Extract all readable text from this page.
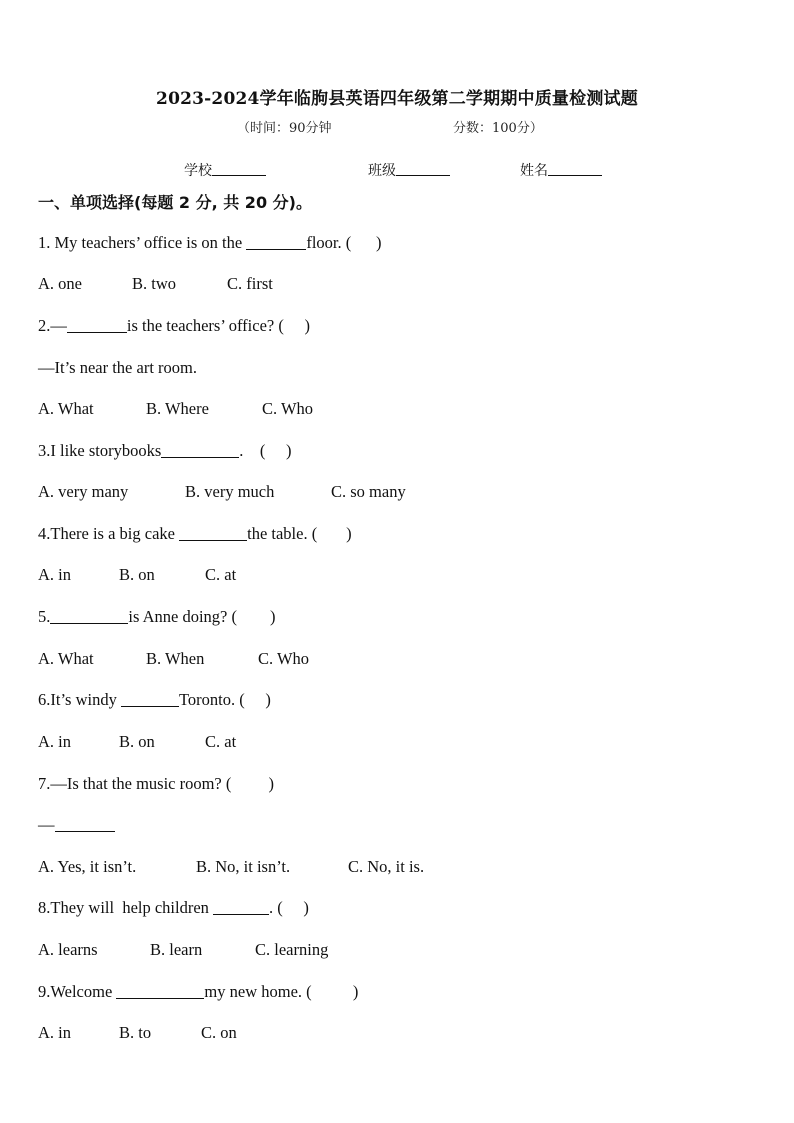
2023-2024学年临朐县英语四年级第二学期期中质量检测试题
（时间：90分钟	分数：100分）
学校	班级	姓名
一、单项选择(每题 2 分, 共 20 分)。
1. My teachers’ office is on the	floor. (      )
A. one	B. two	C. first
2.—	is the teachers’ office? (     )
—It’s near the art room.
A. What	B. Where	C. Who
3.I like storybooks	.    (     )
A. very many	B. very much	C. so many
4.There is a big cake	the table. (       )
A. in	B. on	C. at
5.	is Anne doing? (        )
A. What	B. When	C. Who
6.It’s windy	Toronto. (     )
A. in	B. on	C. at
7.—Is that the music room? (         )
—
A. Yes, it isn’t.	B. No, it isn’t.	C. No, it is.
8.They will  help children	. (     )
A. learns	B. learn	C. learning
9.Welcome	my new home. (          )
A. in	B. to	C. on
